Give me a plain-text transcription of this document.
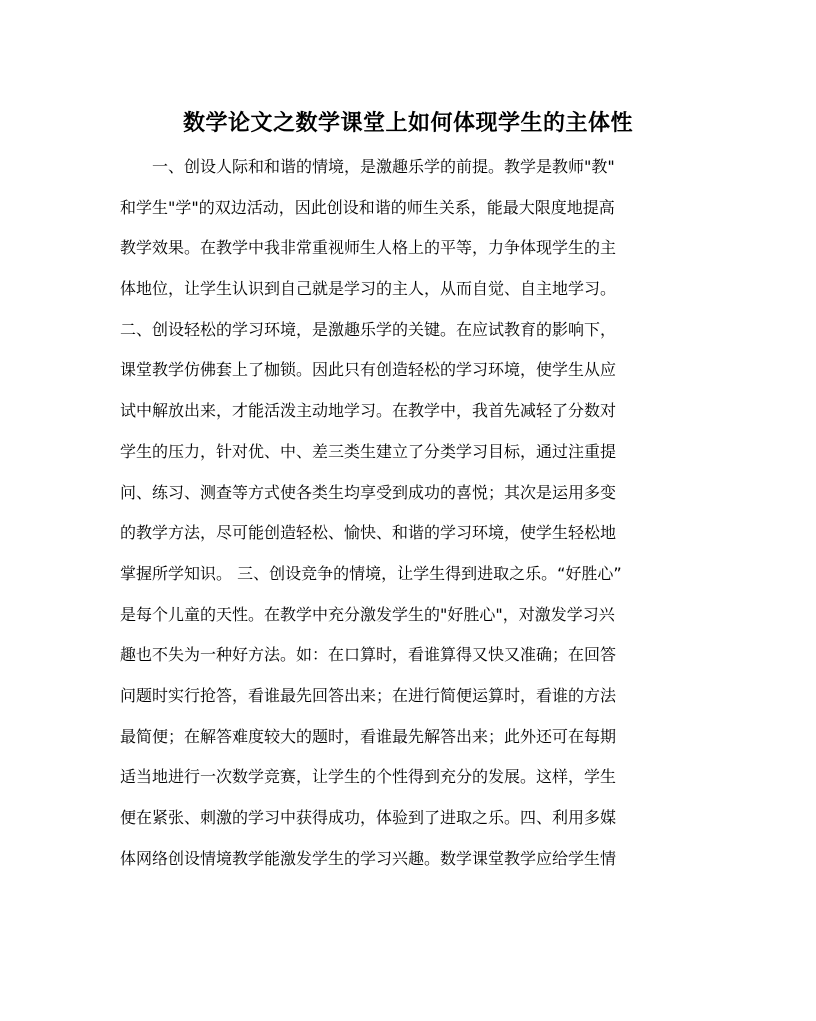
数学论文之数学课堂上如何体现学生的主体性
一、创设人际和和谐的情境，是激趣乐学的前提。教学是教师"教"
和学生"学"的双边活动，因此创设和谐的师生关系，能最大限度地提高
教学效果。在教学中我非常重视师生人格上的平等，力争体现学生的主
体地位，让学生认识到自己就是学习的主人，从而自觉、自主地学习。
二、创设轻松的学习环境，是激趣乐学的关键。在应试教育的影响下，
课堂教学仿佛套上了枷锁。因此只有创造轻松的学习环境，使学生从应
试中解放出来，才能活泼主动地学习。在教学中，我首先减轻了分数对
学生的压力，针对优、中、差三类生建立了分类学习目标，通过注重提
问、练习、测查等方式使各类生均享受到成功的喜悦；其次是运用多变
的教学方法，尽可能创造轻松、愉快、和谐的学习环境，使学生轻松地
掌握所学知识。 三、创设竞争的情境，让学生得到进取之乐。“好胜心”
是每个儿童的天性。在教学中充分激发学生的"好胜心"，对激发学习兴
趣也不失为一种好方法。如：在口算时，看谁算得又快又准确；在回答
问题时实行抢答，看谁最先回答出来；在进行简便运算时，看谁的方法
最简便；在解答难度较大的题时，看谁最先解答出来；此外还可在每期
适当地进行一次数学竞赛，让学生的个性得到充分的发展。这样，学生
便在紧张、刺激的学习中获得成功，体验到了进取之乐。四、利用多媒
体网络创设情境教学能激发学生的学习兴趣。数学课堂教学应给学生情
